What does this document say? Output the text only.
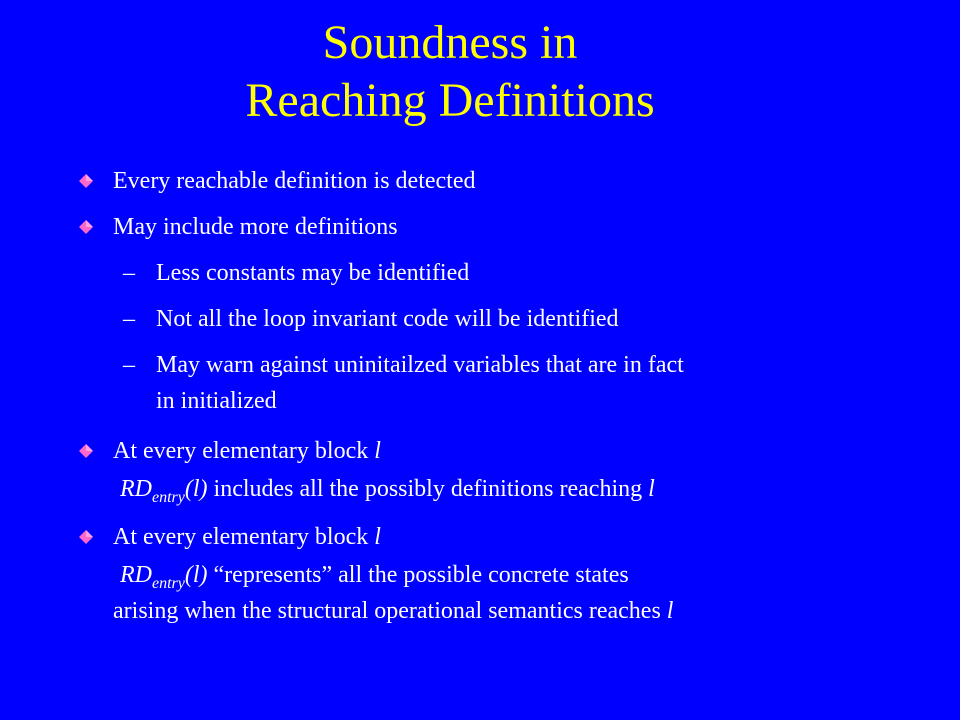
Soundness in
Reaching Definitions
Every reachable definition is detected
May include more definitions
– Less constants may be identified
– Not all the loop invariant code will be identified
– May warn against uninitailzed variables that are in fact
in initialized
At every elementary block l
$RD_{entry}(l)$ includes all the possibly definitions reaching l
At every elementary block l
$RD_{entry}(l)$ “represents” all the possible concrete states
arising when the structural operational semantics reaches l
